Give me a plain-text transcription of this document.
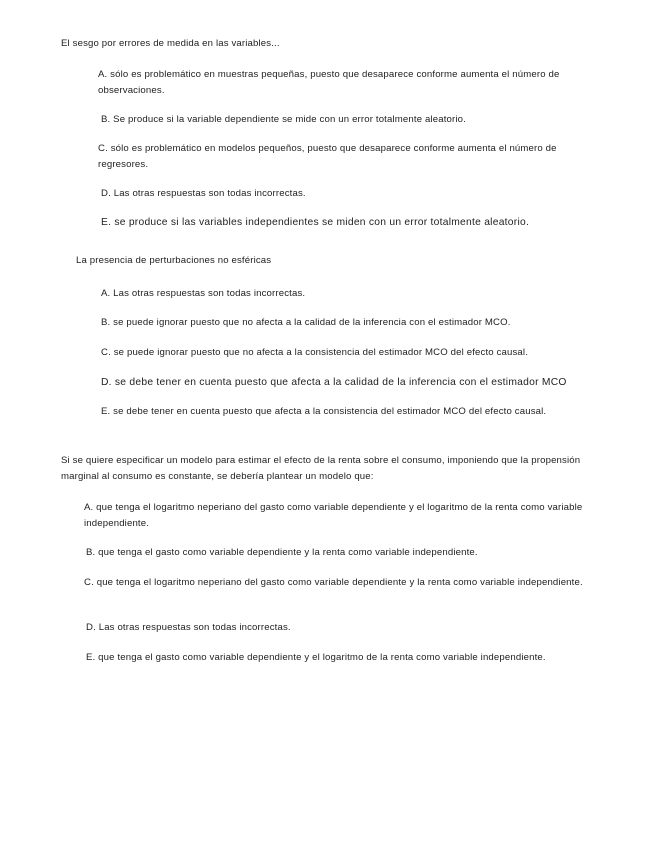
El sesgo por errores de medida en las variables...
A. sólo es problemático en muestras pequeñas, puesto que desaparece conforme aumenta el número de observaciones.
B. Se produce si la variable dependiente se mide con un error totalmente aleatorio.
C. sólo es problemático en modelos pequeños, puesto que desaparece conforme aumenta el número de regresores.
D. Las otras respuestas son todas incorrectas.
E. se produce si las variables independientes se miden con un error totalmente aleatorio.
La presencia de perturbaciones no esféricas
A. Las otras respuestas son todas incorrectas.
B. se puede ignorar puesto que no afecta a la calidad de la inferencia con el estimador MCO.
C. se puede ignorar puesto que no afecta a la consistencia del estimador MCO del efecto causal.
D. se debe tener en cuenta puesto que afecta a la calidad de la inferencia con el estimador MCO
E. se debe tener en cuenta puesto que afecta a la consistencia del estimador MCO del efecto causal.
Si se quiere especificar un modelo para estimar el efecto de la renta sobre el consumo, imponiendo que la propensión marginal al consumo es constante, se debería plantear un modelo que:
A. que tenga el logaritmo neperiano del gasto como variable dependiente y el logaritmo de la renta como variable independiente.
B. que tenga el gasto como variable dependiente y la renta como variable independiente.
C. que tenga el logaritmo neperiano del gasto como variable dependiente y la renta como variable independiente.
D. Las otras respuestas son todas incorrectas.
E. que tenga el gasto como variable dependiente y el logaritmo de la renta como variable independiente.
